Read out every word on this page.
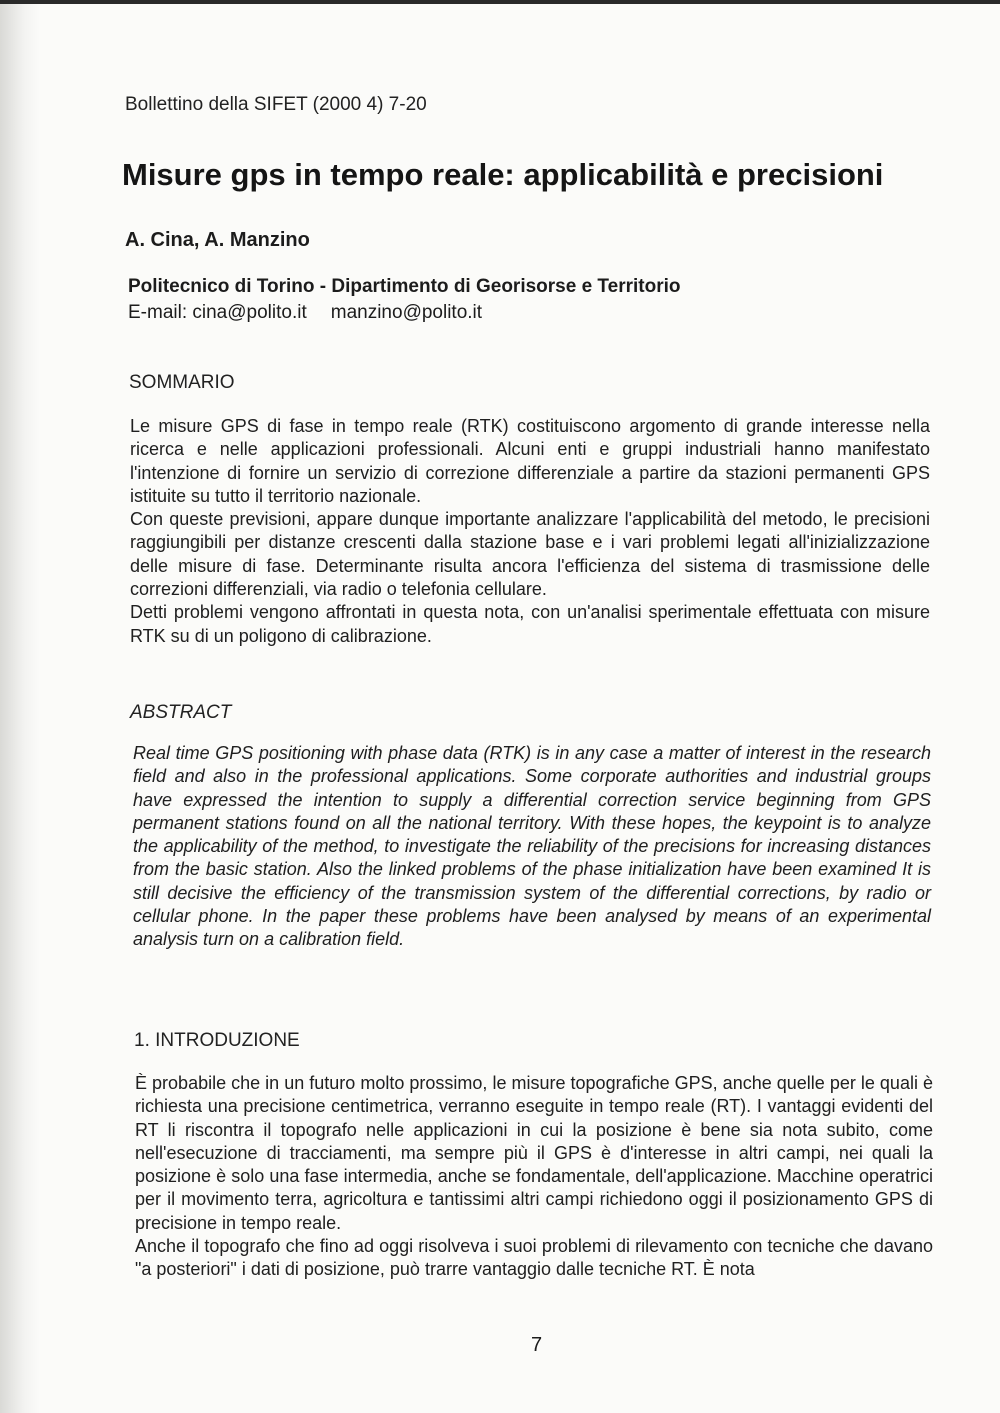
Bollettino della SIFET (2000 4) 7-20
Misure gps in tempo reale: applicabilità e precisioni
A. Cina, A. Manzino
Politecnico di Torino - Dipartimento di Georisorse e Territorio
E-mail: cina@polito.it manzino@polito.it
SOMMARIO
Le misure GPS di fase in tempo reale (RTK) costituiscono argomento di grande interesse nella ricerca e nelle applicazioni professionali. Alcuni enti e gruppi industriali hanno manifestato l'intenzione di fornire un servizio di correzione differenziale a partire da stazioni permanenti GPS istituite su tutto il territorio nazionale.
Con queste previsioni, appare dunque importante analizzare l'applicabilità del metodo, le precisioni raggiungibili per distanze crescenti dalla stazione base e i vari problemi legati all'inizializzazione delle misure di fase. Determinante risulta ancora l'efficienza del sistema di trasmissione delle correzioni differenziali, via radio o telefonia cellulare.
Detti problemi vengono affrontati in questa nota, con un'analisi sperimentale effettuata con misure RTK su di un poligono di calibrazione.
ABSTRACT
Real time GPS positioning with phase data (RTK) is in any case a matter of interest in the research field and also in the professional applications. Some corporate authorities and industrial groups have expressed the intention to supply a differential correction service beginning from GPS permanent stations found on all the national territory. With these hopes, the keypoint is to analyze the applicability of the method, to investigate the reliability of the precisions for increasing distances from the basic station. Also the linked problems of the phase initialization have been examined It is still decisive the efficiency of the transmission system of the differential corrections, by radio or cellular phone. In the paper these problems have been analysed by means of an experimental analysis turn on a calibration field.
1. INTRODUZIONE
È probabile che in un futuro molto prossimo, le misure topografiche GPS, anche quelle per le quali è richiesta una precisione centimetrica, verranno eseguite in tempo reale (RT). I vantaggi evidenti del RT li riscontra il topografo nelle applicazioni in cui la posizione è bene sia nota subito, come nell'esecuzione di tracciamenti, ma sempre più il GPS è d'interesse in altri campi, nei quali la posizione è solo una fase intermedia, anche se fondamentale, dell'applicazione. Macchine operatrici per il movimento terra, agricoltura e tantissimi altri campi richiedono oggi il posizionamento GPS di precisione in tempo reale.
Anche il topografo che fino ad oggi risolveva i suoi problemi di rilevamento con tecniche che davano "a posteriori" i dati di posizione, può trarre vantaggio dalle tecniche RT. È nota
7
